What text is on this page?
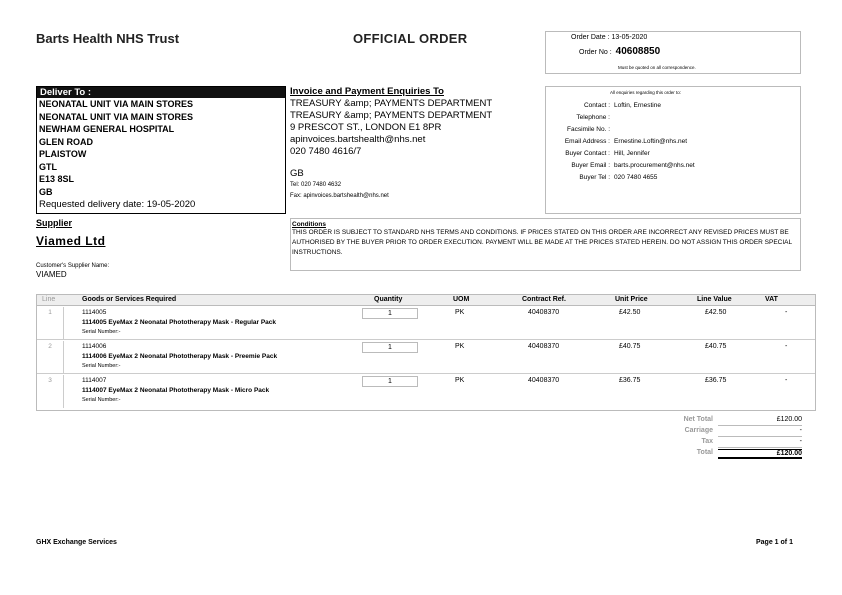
Barts Health NHS Trust	OFFICIAL ORDER	Order Date : 13-05-2020
Order No : 40608850
Must be quoted on all correspondence.
Deliver To :
NEONATAL UNIT VIA MAIN STORES
NEONATAL UNIT VIA MAIN STORES
NEWHAM GENERAL HOSPITAL
GLEN ROAD
PLAISTOW
GTL
E13 8SL
GB
Requested delivery date: 19-05-2020
Invoice and Payment Enquiries To
TREASURY &amp; PAYMENTS DEPARTMENT
TREASURY &amp; PAYMENTS DEPARTMENT
9 PRESCOT ST., LONDON E1 8PR
apinvoices.bartshealth@nhs.net
020 7480 4616/7
GB
Tel: 020 7480 4632
Fax: apinvoices.bartshealth@nhs.net
All enquiries regarding this order to:
Contact : Loftin, Ernestine
Telephone :
Facsimile No. :
Email Address : Ernestine.Loftin@nhs.net
Buyer Contact : Hill, Jennifer
Buyer Email : barts.procurement@nhs.net
Buyer Tel : 020 7480 4655
Supplier
Viamed Ltd
Customer's Supplier Name:
VIAMED
Conditions
THIS ORDER IS SUBJECT TO STANDARD NHS TERMS AND CONDITIONS. IF PRICES STATED ON THIS ORDER ARE INCORRECT ANY REVISED PRICES MUST BE AUTHORISED BY THE BUYER PRIOR TO ORDER EXECUTION. PAYMENT WILL BE MADE AT THE PRICES STATED HEREIN. DO NOT ASSIGN THIS ORDER SPECIAL INSTRUCTIONS.
Line	Goods or Services Required	Quantity	UOM	Contract Ref.	Unit Price	Line Value	VAT
1	1114005
1114005 EyeMax 2 Neonatal Phototherapy Mask - Regular Pack
Serial Number:-
1	PK	40408370	£42.50	£42.50	-
2	1114006
1114006 EyeMax 2 Neonatal Phototherapy Mask - Preemie Pack
Serial Number:-
1	PK	40408370	£40.75	£40.75	-
3	1114007
1114007 EyeMax 2 Neonatal Phototherapy Mask - Micro Pack
Serial Number:-
1	PK	40408370	£36.75	£36.75	-
Net Total	£120.00
Carriage	-
Tax	-
Total	£120.00
GHX Exchange Services	Page 1 of 1
